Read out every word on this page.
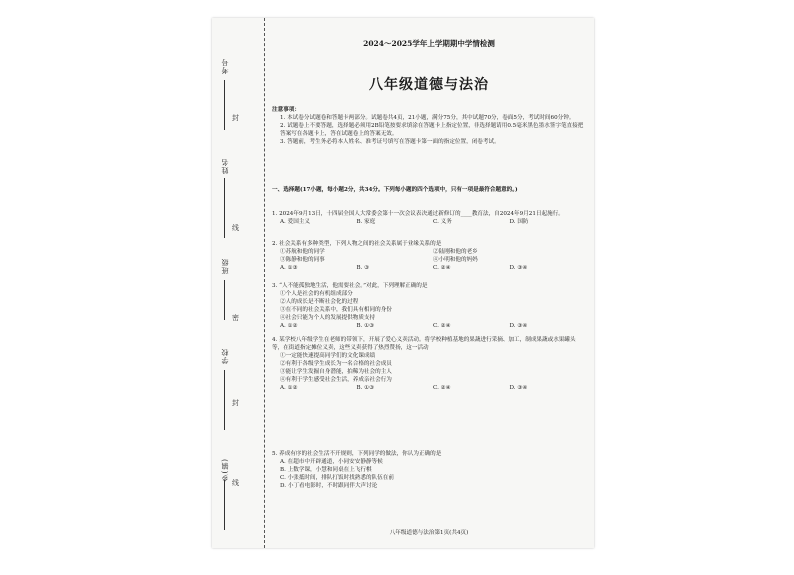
考号
姓名
班级
学校
乡(镇)
封
线
密
封
线
2024～2025学年上学期期中学情检测
八年级道德与法治
注意事项：
1. 本试卷分试题卷和答题卡两部分。试题卷共4页，21小题，满分75分，其中试题70分，卷面5分，考试时间60分钟。
2. 试题卷上不要答题，选择题必须用2B铅笔按要求填涂在答题卡上指定位置，非选择题请用0.5毫米黑色墨水签字笔直接把答案写在各题卡上，答在试题卷上的答案无效。
3. 答题前，考生务必将本人姓名、准考证号填写在答题卡第一面的指定位置，闭卷考试。
一、选择题(17小题，每小题2分，共34分。下列每小题的四个选项中，只有一项是最符合题意的。)
1. 2024年9月13日，十四届全国人大常委会第十一次会议表决通过新修订的____教育法，自2024年9月21日起施行。
A. 爱国主义	B. 家庭	C. 义务	D. 国防
2. 社会关系有多种类型，下列人物之间的社会关系属于业缘关系的是
①苏航和他的同学	②陆刚和他的老乡
③陈静和他的同事	④小明和他的妈妈
A. ①③	B. ③	C. ②④	D. ③④
3. “人不能孤独地生活，他需要社会。”对此，下列理解正确的是
①个人是社会的有机组成部分
②人的成长是不断社会化的过程
③在不同的社会关系中，我们具有相同的身份
④社会只能为个人的发展提供物质支持
A. ①②	B. ①③	C. ②④	D. ③④
4. 某学校八年级学生在老师的带领下，开展了爱心义卖活动。将学校种植基地的果蔬进行采摘、加工，制成果蔬或水果罐头等，在街道指定摊位义卖，这些义卖获得了热烈赞扬，这一活动
①一定能快速提高同学们的文化课成绩
②有利于各级学生成长为一名合格的社会成员
③能让学生发掘自身潜能，拍稀为社会的主人
④有利于学生感受社会生活，养成亲社会行为
A. ①②	B. ①③	C. ②④	D. ③④
5. 养成有序的社会生活不开规则，下列同学的做法，你认为正确的是
A. 在超市中开辟通道，小同安安静静等候
B. 上数学课，小慧和同桌在上飞行棋
C. 小张抵时间，排队打饭时找熟悉的队伍在前
D. 小丁看电影时，不时跟同伴大声讨论
八年级道德与法治第1页(共4页)
